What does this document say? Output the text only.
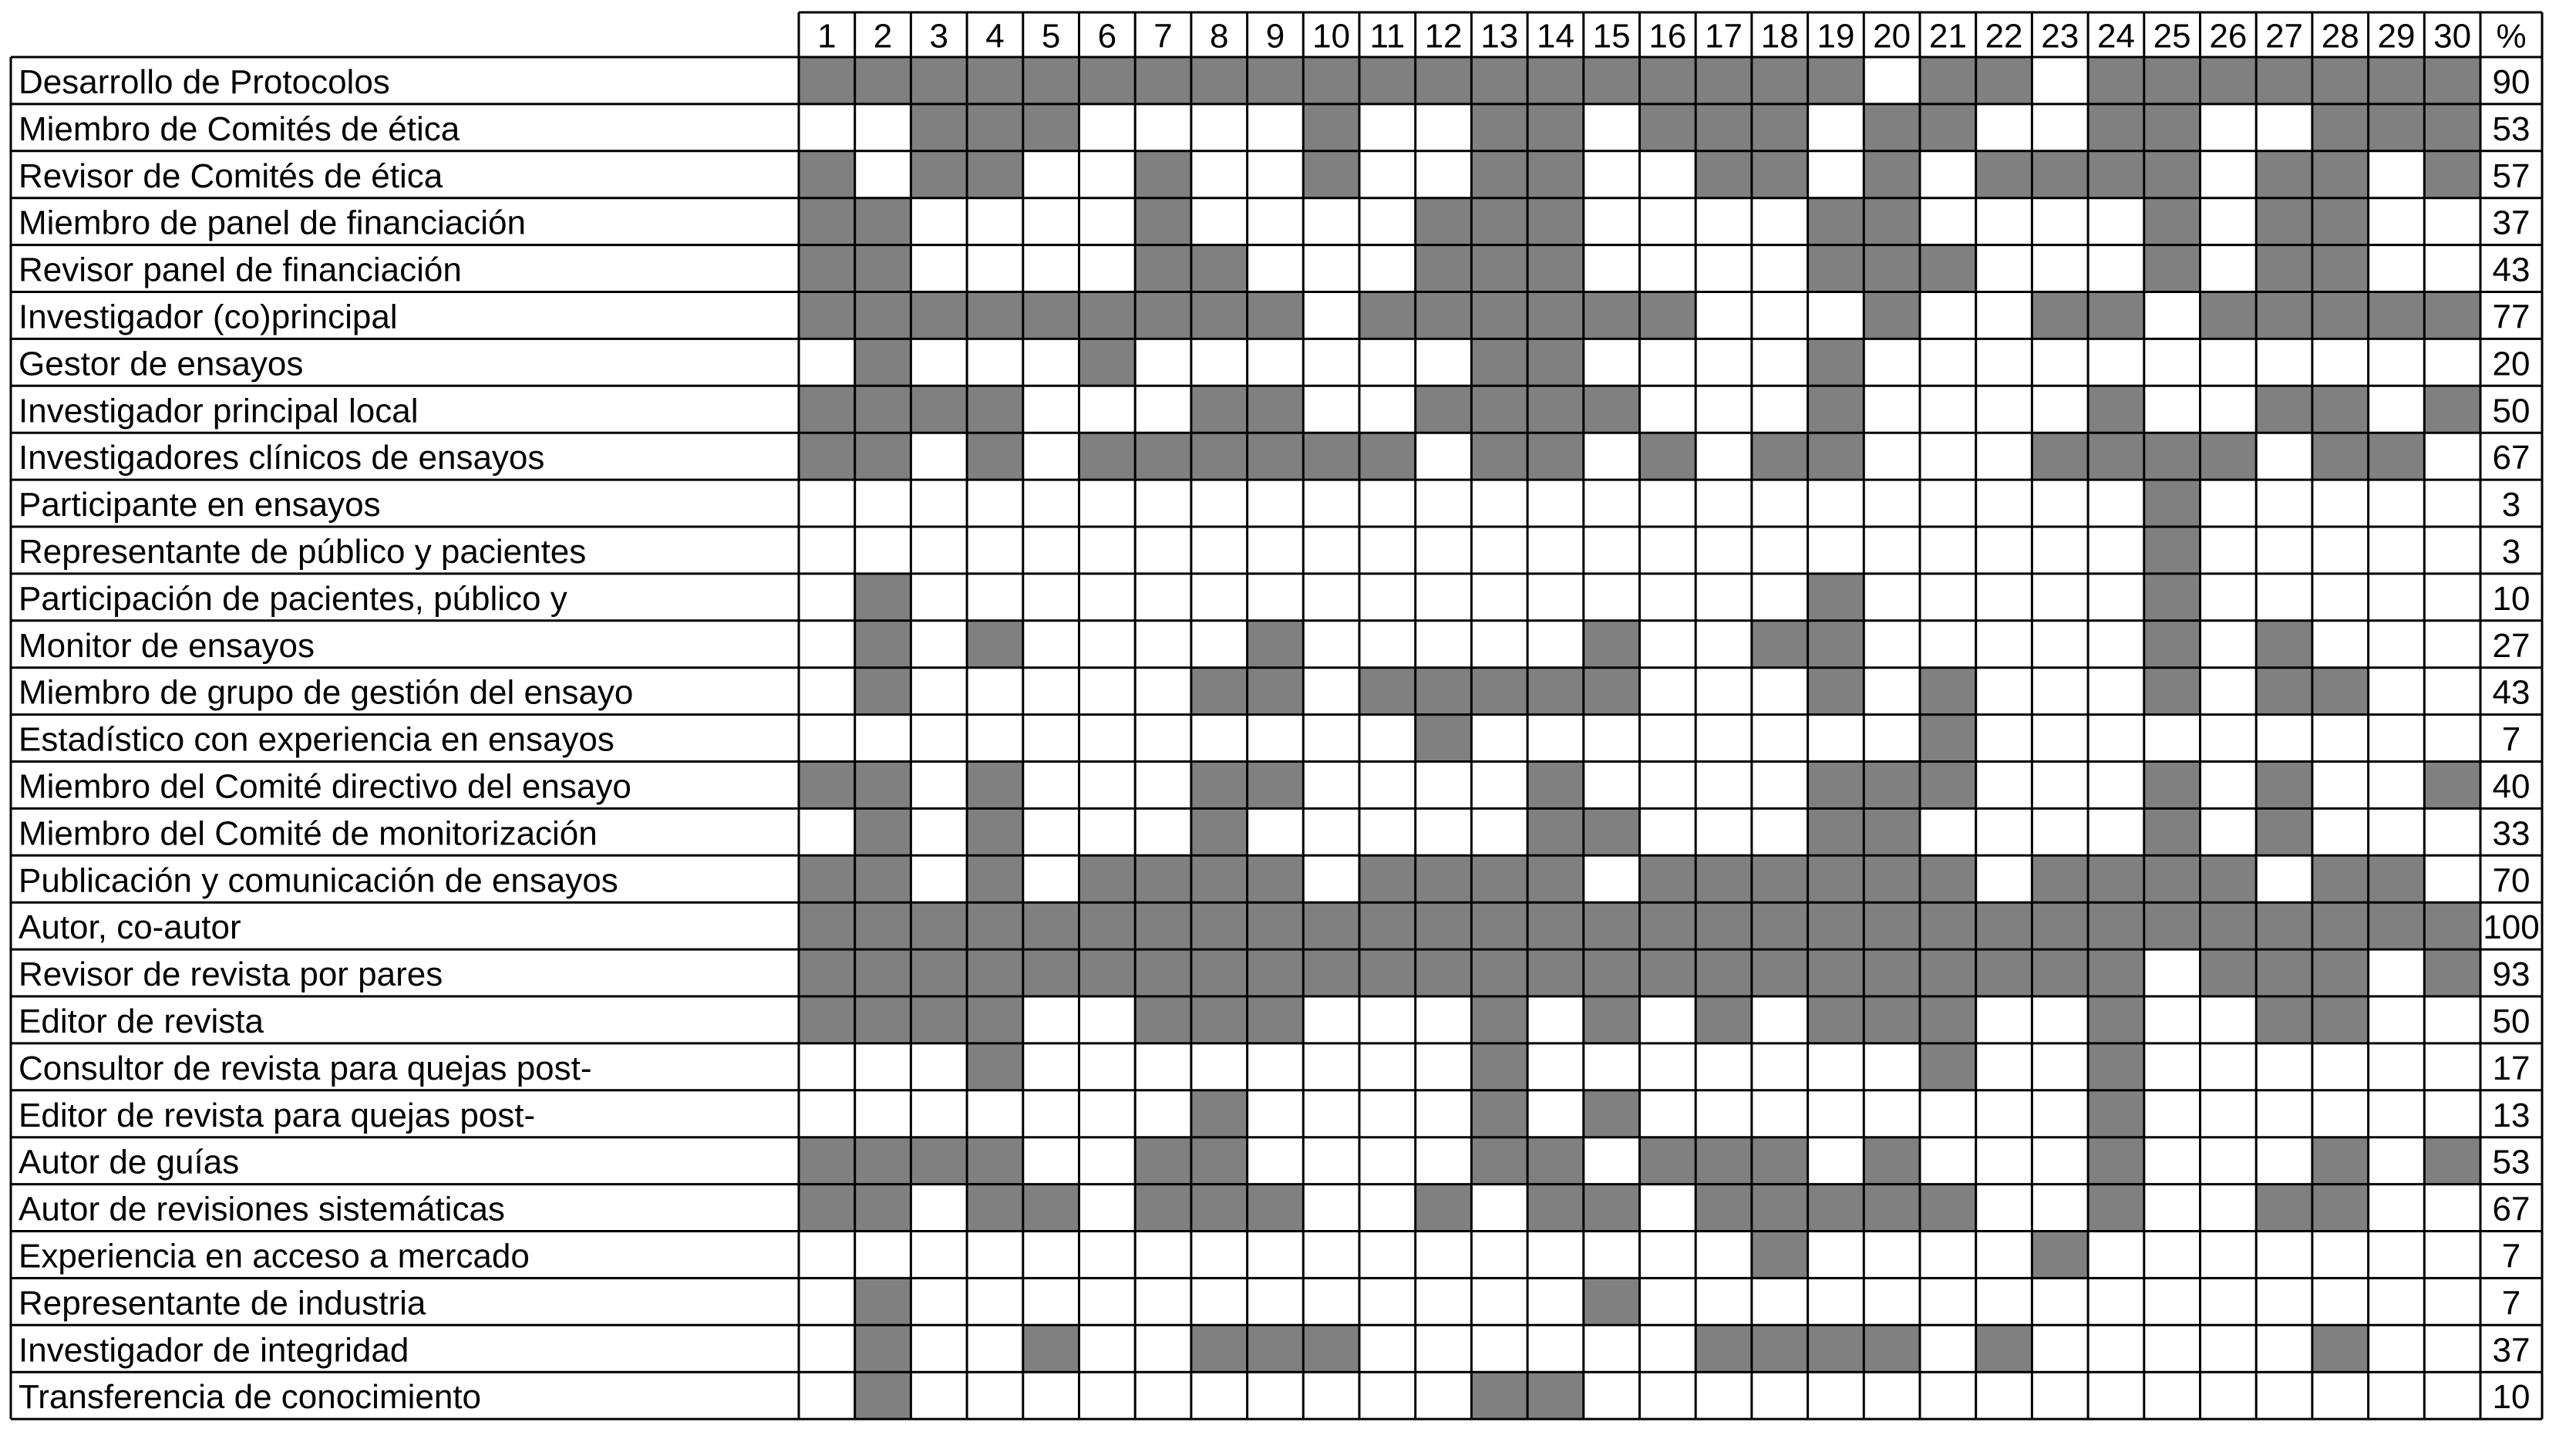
1 2 3 4 5 6 7 8 9 10 11 12 13 14 15 16 17 18 19 20 21 22 23 24 25 26 27 28 29 30 %
Desarrollo de Protocolos	90
Miembro de Comités de ética	53
Revisor de Comités de ética	57
Miembro de panel de financiación	37
Revisor panel de financiación	43
Investigador (co)principal	77
Gestor de ensayos	20
Investigador principal local	50
Investigadores clínicos de ensayos	67
Participante en ensayos	3
Representante de público y pacientes	3
Participación de pacientes, público y	10
Monitor de ensayos	27
Miembro de grupo de gestión del ensayo	43
Estadístico con experiencia en ensayos	7
Miembro del Comité directivo del ensayo	40
Miembro del Comité de monitorización	33
Publicación y comunicación de ensayos	70
Autor, co-autor	100
Revisor de revista por pares	93
Editor de revista	50
Consultor de revista para quejas post-	17
Editor de revista para quejas post-	13
Autor de guías	53
Autor de revisiones sistemáticas	67
Experiencia en acceso a mercado	7
Representante de industria	7
Investigador de integridad	37
Transferencia de conocimiento	10
